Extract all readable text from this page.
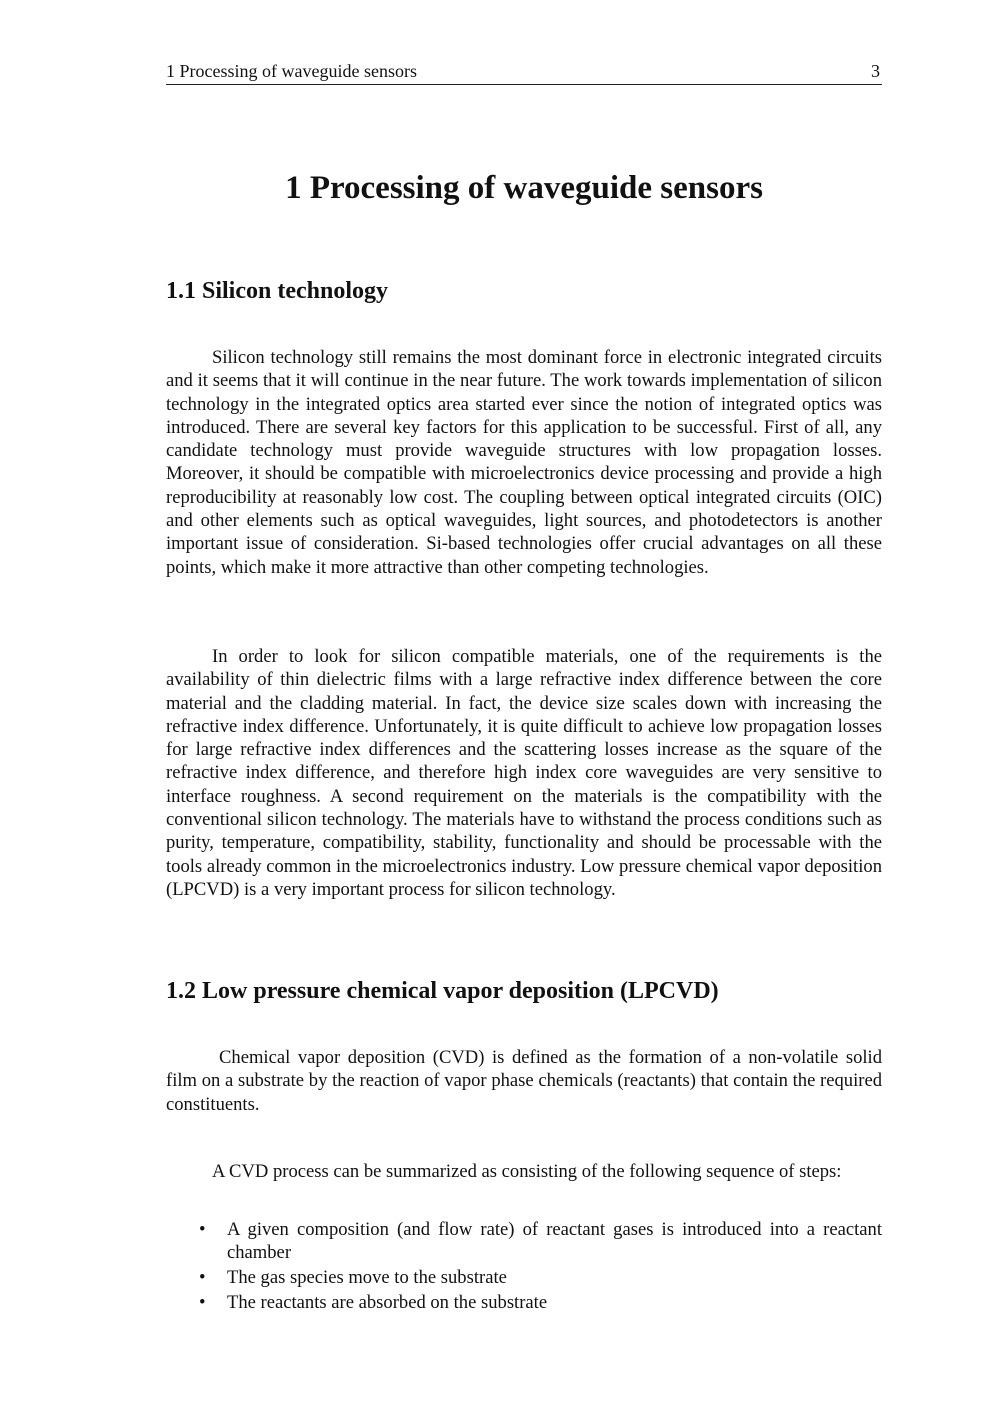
1 Processing of waveguide sensors	3
1 Processing of waveguide sensors
1.1 Silicon technology

Silicon technology still remains the most dominant force in electronic integrated circuits and it seems that it will continue in the near future. The work towards implementation of silicon technology in the integrated optics area started ever since the notion of integrated optics was introduced. There are several key factors for this application to be successful. First of all, any candidate technology must provide waveguide structures with low propagation losses. Moreover, it should be compatible with microelectronics device processing and provide a high reproducibility at reasonably low cost. The coupling between optical integrated circuits (OIC) and other elements such as optical waveguides, light sources, and photodetectors is another important issue of consideration. Si-based technologies offer crucial advantages on all these points, which make it more attractive than other competing technologies.

In order to look for silicon compatible materials, one of the requirements is the availability of thin dielectric films with a large refractive index difference between the core material and the cladding material. In fact, the device size scales down with increasing the refractive index difference. Unfortunately, it is quite difficult to achieve low propagation losses for large refractive index differences and the scattering losses increase as the square of the refractive index difference, and therefore high index core waveguides are very sensitive to interface roughness. A second requirement on the materials is the compatibility with the conventional silicon technology. The materials have to withstand the process conditions such as purity, temperature, compatibility, stability, functionality and should be processable with the tools already common in the microelectronics industry. Low pressure chemical vapor deposition (LPCVD) is a very important process for silicon technology.

1.2 Low pressure chemical vapor deposition (LPCVD)

Chemical vapor deposition (CVD) is defined as the formation of a non-volatile solid film on a substrate by the reaction of vapor phase chemicals (reactants) that contain the required constituents.

A CVD process can be summarized as consisting of the following sequence of steps:

• A given composition (and flow rate) of reactant gases is introduced into a reactant chamber
• The gas species move to the substrate
• The reactants are absorbed on the substrate
